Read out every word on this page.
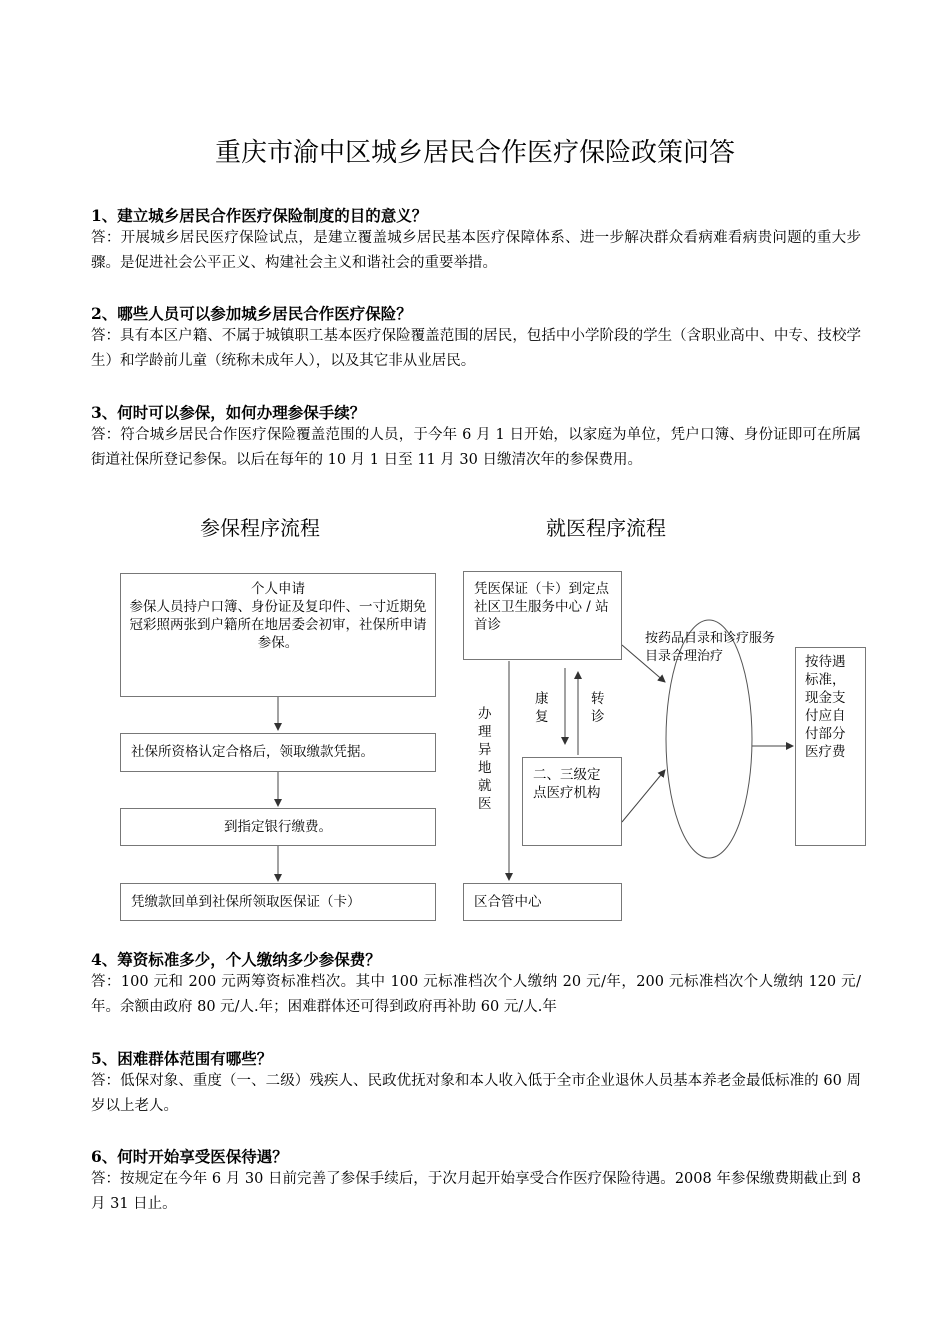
重庆市渝中区城乡居民合作医疗保险政策问答
1、建立城乡居民合作医疗保险制度的目的意义？
答：开展城乡居民医疗保险试点，是建立覆盖城乡居民基本医疗保障体系、进一步解决群众看病难看病贵问题的重大步骤。是促进社会公平正义、构建社会主义和谐社会的重要举措。
2、哪些人员可以参加城乡居民合作医疗保险？
答：具有本区户籍、不属于城镇职工基本医疗保险覆盖范围的居民，包括中小学阶段的学生（含职业高中、中专、技校学生）和学龄前儿童（统称未成年人），以及其它非从业居民。
3、何时可以参保，如何办理参保手续？
答：符合城乡居民合作医疗保险覆盖范围的人员，于今年 6 月 1 日开始，以家庭为单位，凭户口簿、身份证即可在所属街道社保所登记参保。以后在每年的 10 月 1 日至 11 月 30 日缴清次年的参保费用。
参保程序流程
个人申请
参保人员持户口簿、身份证及复印件、一寸近期免冠彩照两张到户籍所在地居委会初审，社保所申请参保。
社保所资格认定合格后，领取缴款凭据。
到指定银行缴费。
凭缴款回单到社保所领取医保证（卡）
就医程序流程
凭医保证（卡）到定点社区卫生服务中心 / 站首诊
康复
转诊
办理异地就医
二、三级定点医疗机构
区合管中心
按药品目录和诊疗服务目录合理治疗	按待遇标准，现金支付应自付部分医疗费
4、筹资标准多少，个人缴纳多少参保费？
答：100 元和 200 元两筹资标准档次。其中 100 元标准档次个人缴纳 20 元/年，200 元标准档次个人缴纳 120 元/年。余额由政府 80 元/人.年；困难群体还可得到政府再补助 60 元/人.年
5、困难群体范围有哪些？
答：低保对象、重度（一、二级）残疾人、民政优抚对象和本人收入低于全市企业退休人员基本养老金最低标准的 60 周岁以上老人。
6、何时开始享受医保待遇？
答：按规定在今年 6 月 30 日前完善了参保手续后，于次月起开始享受合作医疗保险待遇。2008 年参保缴费期截止到 8 月 31 日止。
